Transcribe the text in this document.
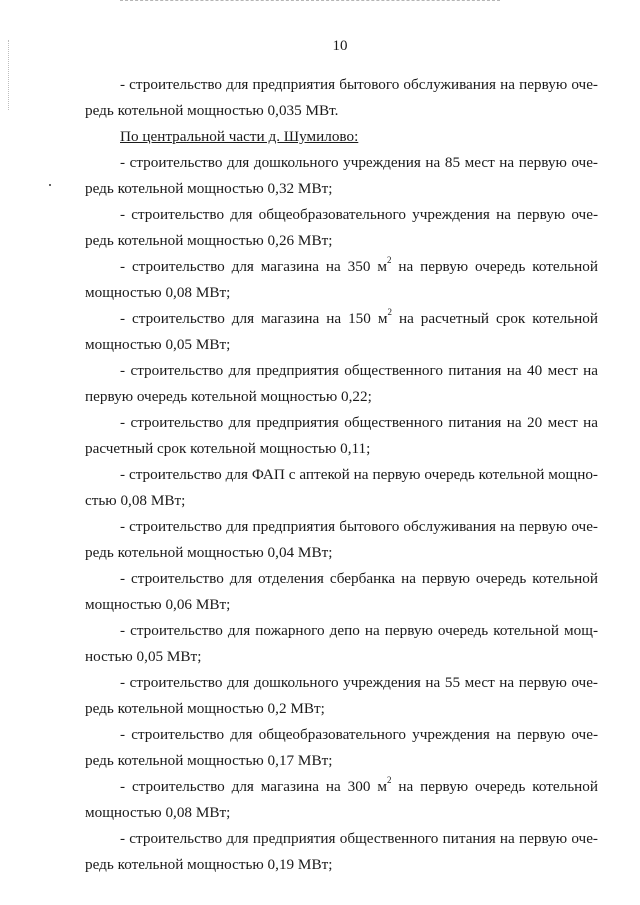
10

- строительство для предприятия бытового обслуживания на первую оче-
редь котельной мощностью 0,035 МВт.

По центральной части д. Шумилово:

- строительство для дошкольного учреждения на 85 мест на первую оче-
редь котельной мощностью 0,32 МВт;

- строительство для общеобразовательного учреждения на первую оче-
редь котельной мощностью 0,26 МВт;

- строительство для магазина на 350 $м^2$ на первую очередь котельной
мощностью 0,08 МВт;

- строительство для магазина на 150 $м^2$ на расчетный срок котельной
мощностью 0,05 МВт;

- строительство для предприятия общественного питания на 40 мест на
первую очередь котельной мощностью 0,22;

- строительство для предприятия общественного питания на 20 мест на
расчетный срок котельной мощностью 0,11;

- строительство для ФАП с аптекой на первую очередь котельной мощно-
стью 0,08 МВт;

- строительство для предприятия бытового обслуживания на первую оче-
редь котельной мощностью 0,04 МВт;

- строительство для отделения сбербанка на первую очередь котельной
мощностью 0,06 МВт;

- строительство для пожарного депо на первую очередь котельной мощ-
ностью 0,05 МВт;

- строительство для дошкольного учреждения на 55 мест на первую оче-
редь котельной мощностью 0,2 МВт;

- строительство для общеобразовательного учреждения на первую оче-
редь котельной мощностью 0,17 МВт;

- строительство для магазина на 300 $м^2$ на первую очередь котельной
мощностью 0,08 МВт;

- строительство для предприятия общественного питания на первую оче-
редь котельной мощностью 0,19 МВт;
